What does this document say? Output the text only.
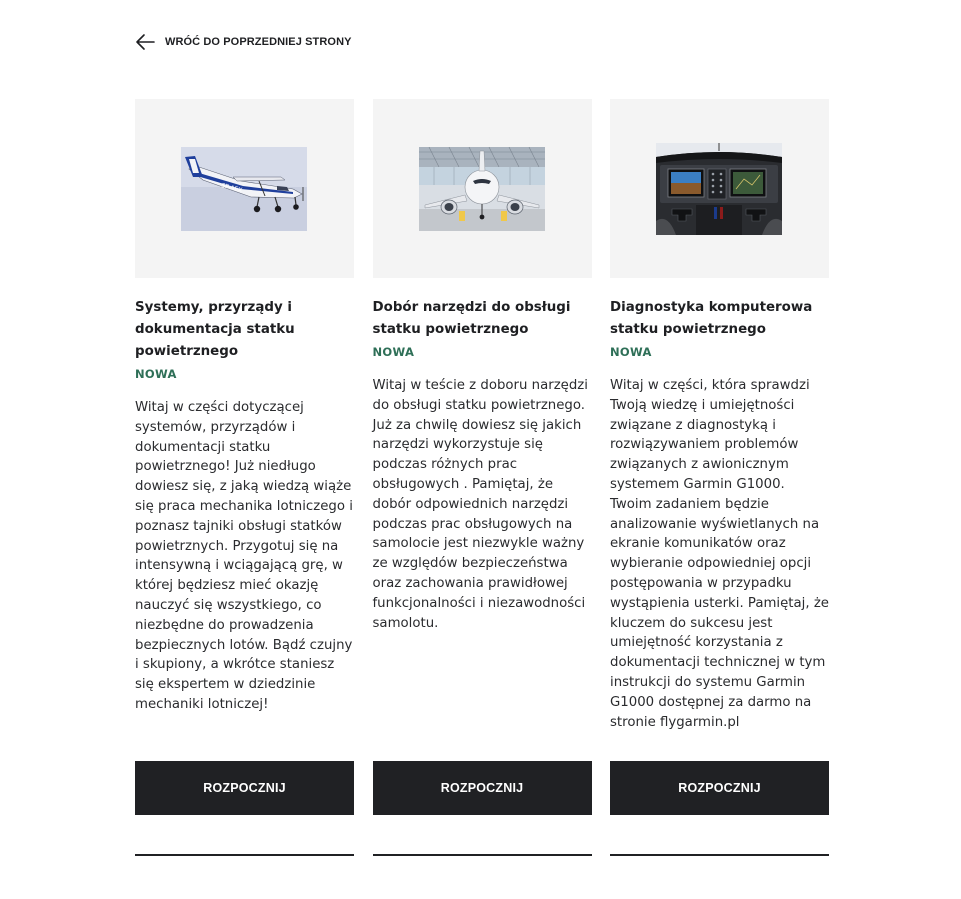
WRÓĆ DO POPRZEDNIEJ STRONY
SP-AEX
Systemy, przyrządy i dokumentacja statku powietrznego
NOWA
Witaj w części dotyczącej systemów, przyrządów i dokumentacji statku powietrznego! Już niedługo dowiesz się, z jaką wiedzą wiąże się praca mechanika lotniczego i poznasz tajniki obsługi statków powietrznych. Przygotuj się na intensywną i wciągającą grę, w której będziesz mieć okazję nauczyć się wszystkiego, co niezbędne do prowadzenia bezpiecznych lotów. Bądź czujny i skupiony, a wkrótce staniesz się ekspertem w dziedzinie mechaniki lotniczej!
ROZPOCZNIJ
Dobór narzędzi do obsługi statku powietrznego
NOWA
Witaj w teście z doboru narzędzi do obsługi statku powietrznego. Już za chwilę dowiesz się jakich narzędzi wykorzystuje się podczas różnych prac obsługowych . Pamiętaj, że dobór odpowiednich narzędzi podczas prac obsługowych na samolocie jest niezwykle ważny ze względów bezpieczeństwa oraz zachowania prawidłowej funkcjonalności i niezawodności samolotu.
ROZPOCZNIJ
Diagnostyka komputerowa statku powietrznego
NOWA
Witaj w części, która sprawdzi Twoją wiedzę i umiejętności związane z diagnostyką i rozwiązywaniem problemów związanych z awionicznym systemem Garmin G1000. Twoim zadaniem będzie analizowanie wyświetlanych na ekranie komunikatów oraz wybieranie odpowiedniej opcji postępowania w przypadku wystąpienia usterki. Pamiętaj, że kluczem do sukcesu jest umiejętność korzystania z dokumentacji technicznej w tym instrukcji do systemu Garmin G1000 dostępnej za darmo na stronie flygarmin.pl
ROZPOCZNIJ
